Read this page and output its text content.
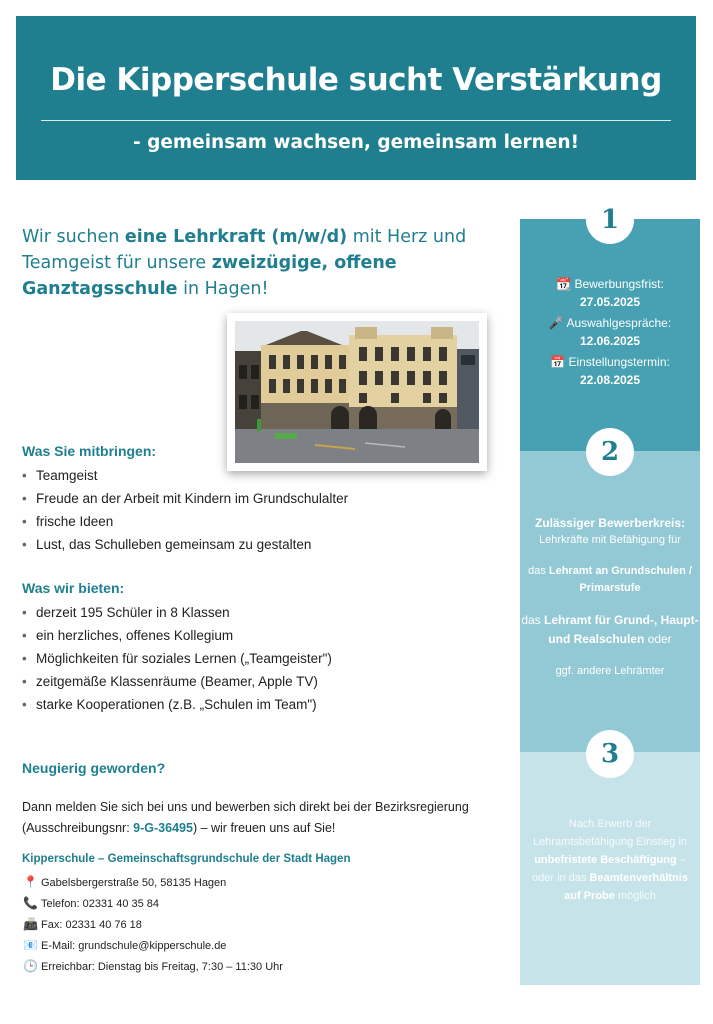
Die Kipperschule sucht Verstärkung
- gemeinsam wachsen, gemeinsam lernen!

Wir suchen eine Lehrkraft (m/w/d) mit Herz und Teamgeist für unsere zweizügige, offene Ganztagsschule in Hagen!

Was Sie mitbringen:
• Teamgeist
• Freude an der Arbeit mit Kindern im Grundschulalter
• frische Ideen
• Lust, das Schulleben gemeinsam zu gestalten
Was wir bieten:
• derzeit 195 Schüler in 8 Klassen
• ein herzliches, offenes Kollegium
• Möglichkeiten für soziales Lernen („Teamgeister")
• zeitgemäße Klassenräume (Beamer, Apple TV)
• starke Kooperationen (z.B. „Schulen im Team")
Neugierig geworden?

Dann melden Sie sich bei uns und bewerben sich direkt bei der Bezirksregierung (Ausschreibungsnr: 9-G-36495) – wir freuen uns auf Sie!

Kipperschule – Gemeinschaftsgrundschule der Stadt Hagen
📍 Gabelsbergerstraße 50, 58135 Hagen
📞 Telefon: 02331 40 35 84
📠 Fax: 02331 40 76 18
📧 E-Mail: grundschule@kipperschule.de
🕒 Erreichbar: Dienstag bis Freitag, 7:30 – 11:30 Uhr
1
2
3
📆 Bewerbungsfrist:
27.05.2025
🎤 Auswahlgespräche:
12.06.2025
📅 Einstellungstermin:
22.08.2025
Zulässiger Bewerberkreis:
Lehrkräfte mit Befähigung für
das Lehramt an Grundschulen / Primarstufe
das Lehramt für Grund-, Haupt- und Realschulen oder
ggf. andere Lehrämter
Nach Erwerb der Lehramtsbefähigung Einstieg in unbefristete Beschäftigung – oder in das Beamtenverhältnis auf Probe möglich
